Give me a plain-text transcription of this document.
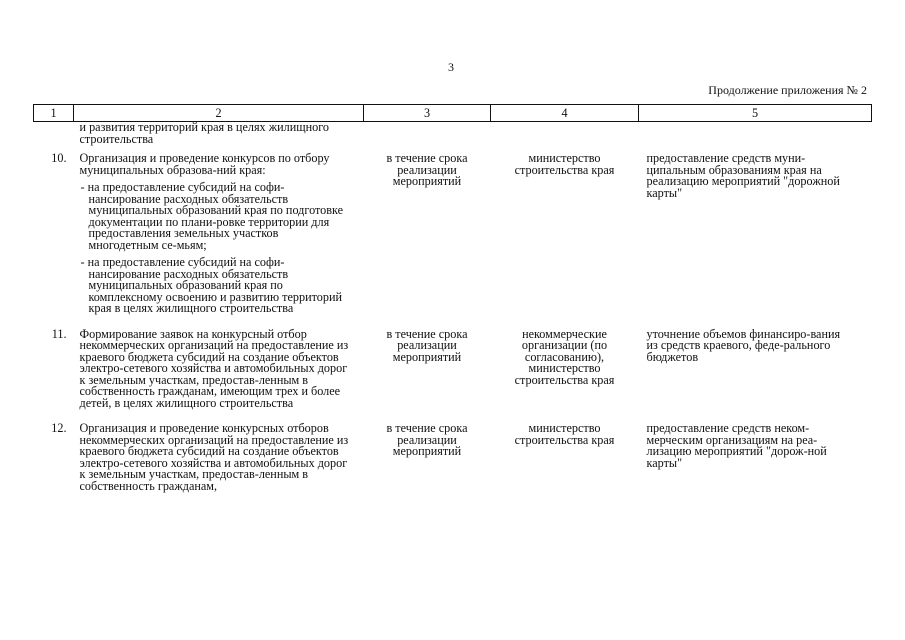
3
Продолжение приложения № 2
1	2	3	4	5
	и развития территорий края в целях жилищного строительства			
10.	Организация и проведение конкурсов по отбору муниципальных образова-ний края:
- на предоставление субсидий на софи-нансирование расходных обязательств муниципальных образований края по подготовке документации по плани-ровке территории для предоставления земельных участков многодетным се-мьям;
- на предоставление субсидий на софи-нансирование расходных обязательств муниципальных образований края по комплексному освоению и развитию территорий края в целях жилищного строительства	в течение срока реализации мероприятий	министерство строительства края	предоставление средств муни-ципальным образованиям края на реализацию мероприятий "дорожной карты"
11.	Формирование заявок на конкурсный отбор некоммерческих организаций на предоставление из краевого бюджета субсидий на создание объектов электро-сетевого хозяйства и автомобильных дорог к земельным участкам, предостав-ленным в собственность гражданам, имеющим трех и более детей, в целях жилищного строительства	в течение срока реализации мероприятий	некоммерческие организации (по согласованию), министерство строительства края	уточнение объемов финансиро-вания из средств краевого, феде-рального бюджетов
12.	Организация и проведение конкурсных отборов некоммерческих организаций на предоставление из краевого бюджета субсидий на создание объектов электро-сетевого хозяйства и автомобильных дорог к земельным участкам, предостав-ленным в собственность гражданам,	в течение срока реализации мероприятий	министерство строительства края	предоставление средств неком-мерческим организациям на реа-лизацию мероприятий "дорож-ной карты"
